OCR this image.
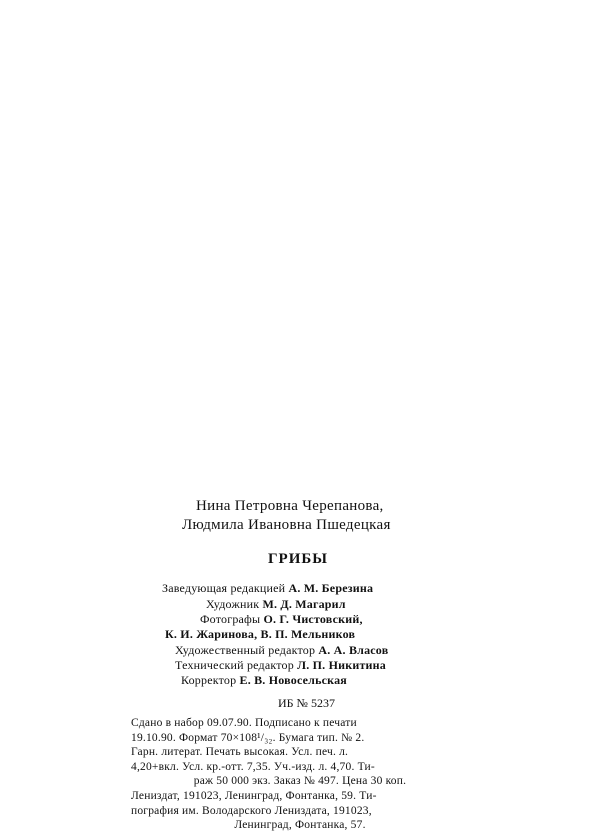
Нина Петровна Черепанова,
Людмила Ивановна Пшедецкая
ГРИБЫ
Заведующая редакцией А. М. Березина
Художник М. Д. Магарил
Фотографы О. Г. Чистовский,
К. И. Жаринова, В. П. Мельников
Художественный редактор А. А. Власов
Технический редактор Л. П. Никитина
Корректор Е. В. Новосельская
ИБ № 5237
Сдано в набор 09.07.90. Подписано к печати
19.10.90. Формат 70×108¹/₃₂. Бумага тип. № 2.
Гарн. литерат. Печать высокая. Усл. печ. л.
4,20+вкл. Усл. кр.-отт. 7,35. Уч.-изд. л. 4,70. Ти-
раж 50 000 экз. Заказ № 497. Цена 30 коп.
Лениздат, 191023, Ленинград, Фонтанка, 59. Ти-
пография им. Володарского Лениздата, 191023,
Ленинград, Фонтанка, 57.
